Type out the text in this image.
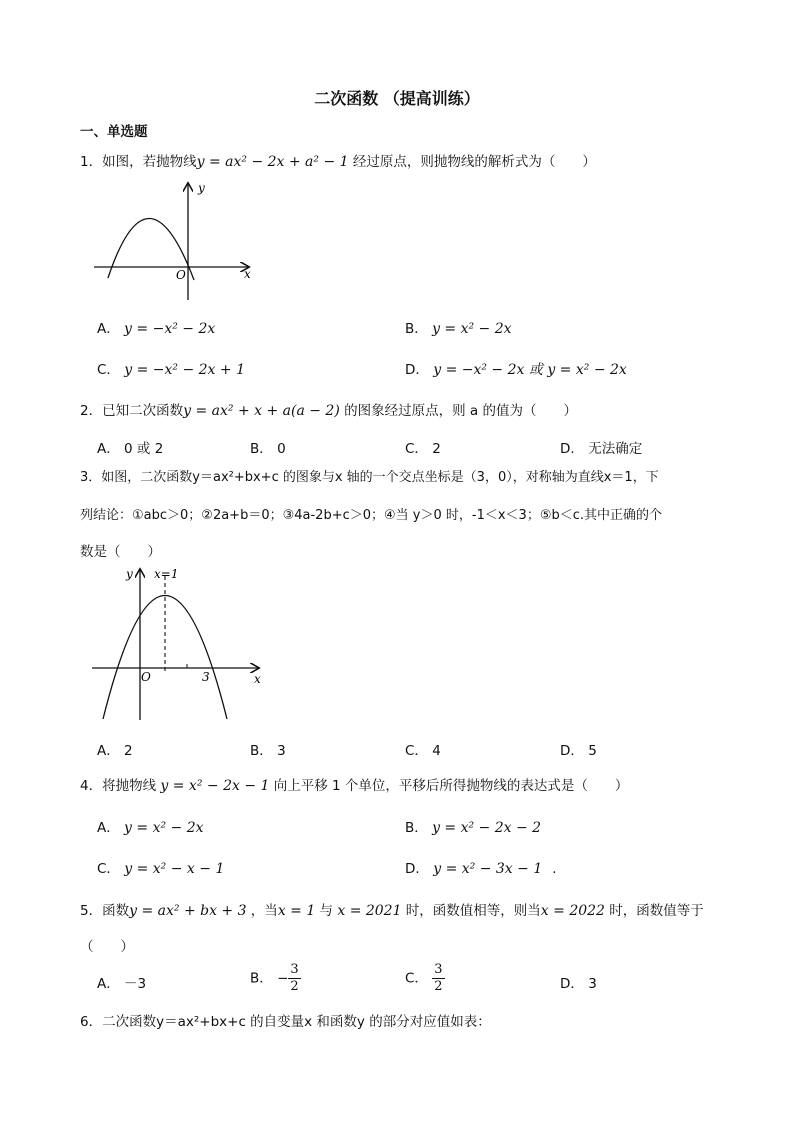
二次函数 （提高训练）
一、单选题
1．如图，若抛物线y = ax² − 2x + a² − 1 经过原点，则抛物线的解析式为（　　）
y
x
O
A． y = −x² − 2x	B． y = x² − 2x
C． y = −x² − 2x + 1	D． y = −x² − 2x 或 y = x² − 2x
2．已知二次函数y = ax² + x + a(a − 2) 的图象经过原点，则 a 的值为（　　）
A． 0 或 2	B． 0	C． 2	D． 无法确定
3．如图，二次函数y＝ax²+bx+c 的图象与x 轴的一个交点坐标是（3，0），对称轴为直线x＝1，下
列结论：①abc＞0；②2a+b＝0；③4a-2b+c＞0；④当 y＞0 时，-1＜x＜3；⑤b＜c.其中正确的个
数是（　　）
y x=1
O	3	x
A． 2	B． 3	C． 4	D． 5
4．将抛物线 y = x² − 2x − 1 向上平移 1 个单位，平移后所得抛物线的表达式是（　　）
A． y = x² − 2x	B． y = x² − 2x − 2
C． y = x² − x − 1	D． y = x² − 3x − 1 .
5．函数y = ax² + bx + 3 ，当x = 1 与 x = 2021 时，函数值相等，则当x = 2022 时，函数值等于
（　　）
A． －3	B． − $\frac{3}{2}$	C． $\frac{3}{2}$	D． 3
6．二次函数y＝ax²+bx+c 的自变量x 和函数y 的部分对应值如表：
